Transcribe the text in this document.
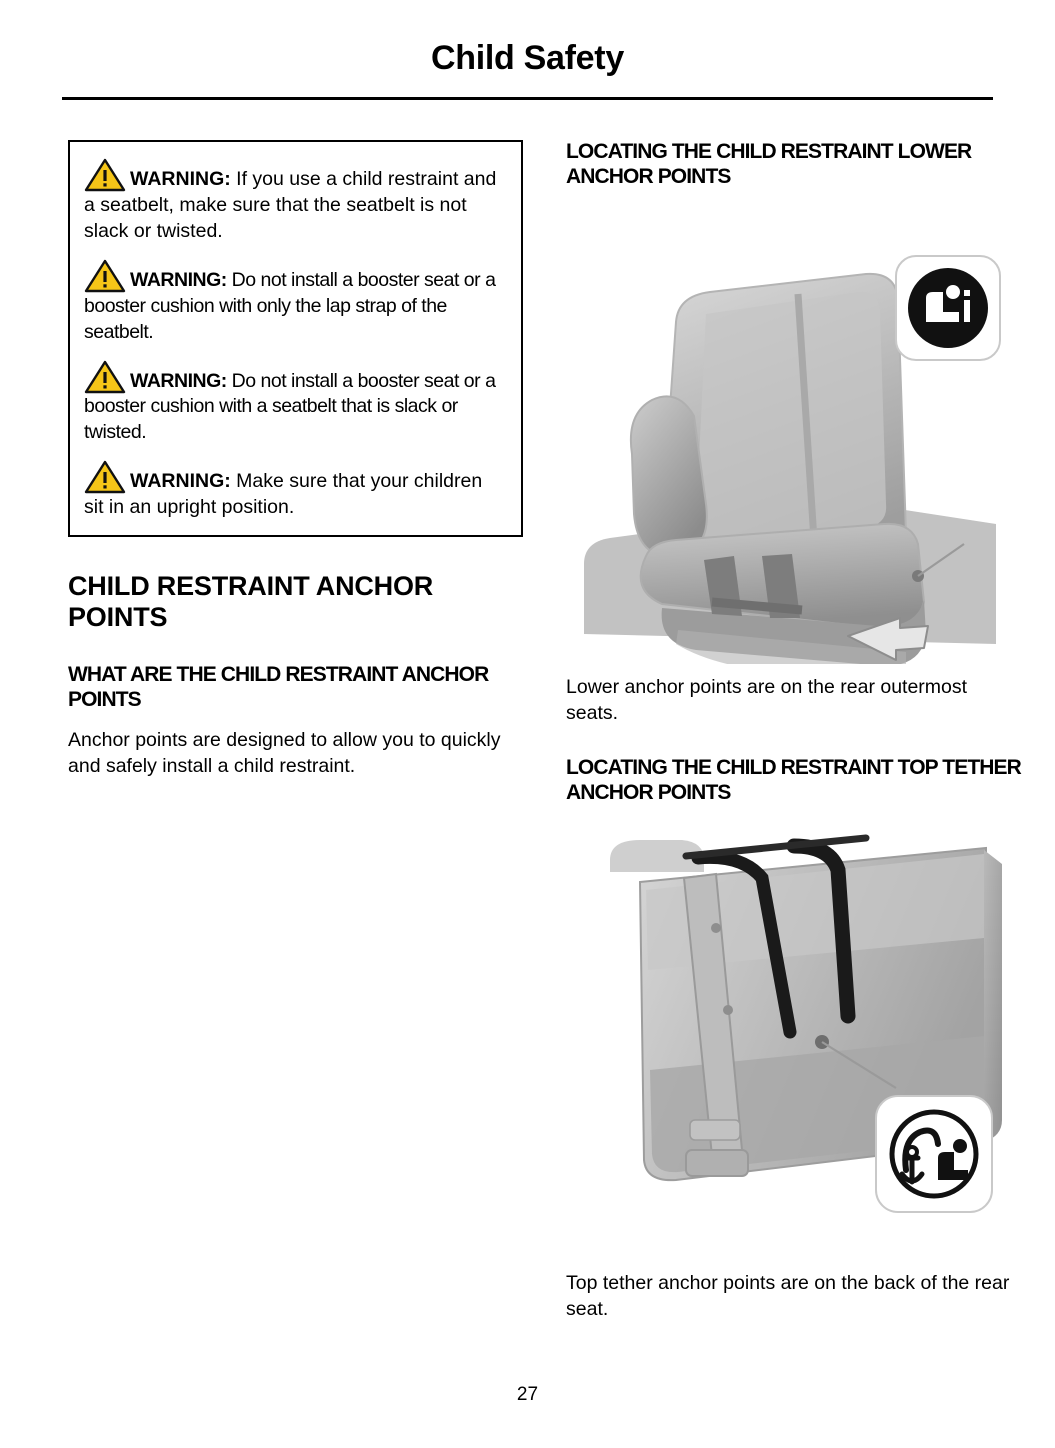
Child Safety
WARNING: If you use a child restraint and a seatbelt, make sure that the seatbelt is not slack or twisted.
WARNING: Do not install a booster seat or a booster cushion with only the lap strap of the seatbelt.
WARNING: Do not install a booster seat or a booster cushion with a seatbelt that is slack or twisted.
WARNING: Make sure that your children sit in an upright position.
CHILD RESTRAINT ANCHOR POINTS
WHAT ARE THE CHILD RESTRAINT ANCHOR POINTS

Anchor points are designed to allow you to quickly and safely install a child restraint.

LOCATING THE CHILD RESTRAINT LOWER ANCHOR POINTS

Lower anchor points are on the rear outermost seats.

LOCATING THE CHILD RESTRAINT TOP TETHER ANCHOR POINTS

Top tether anchor points are on the back of the rear seat.

27
